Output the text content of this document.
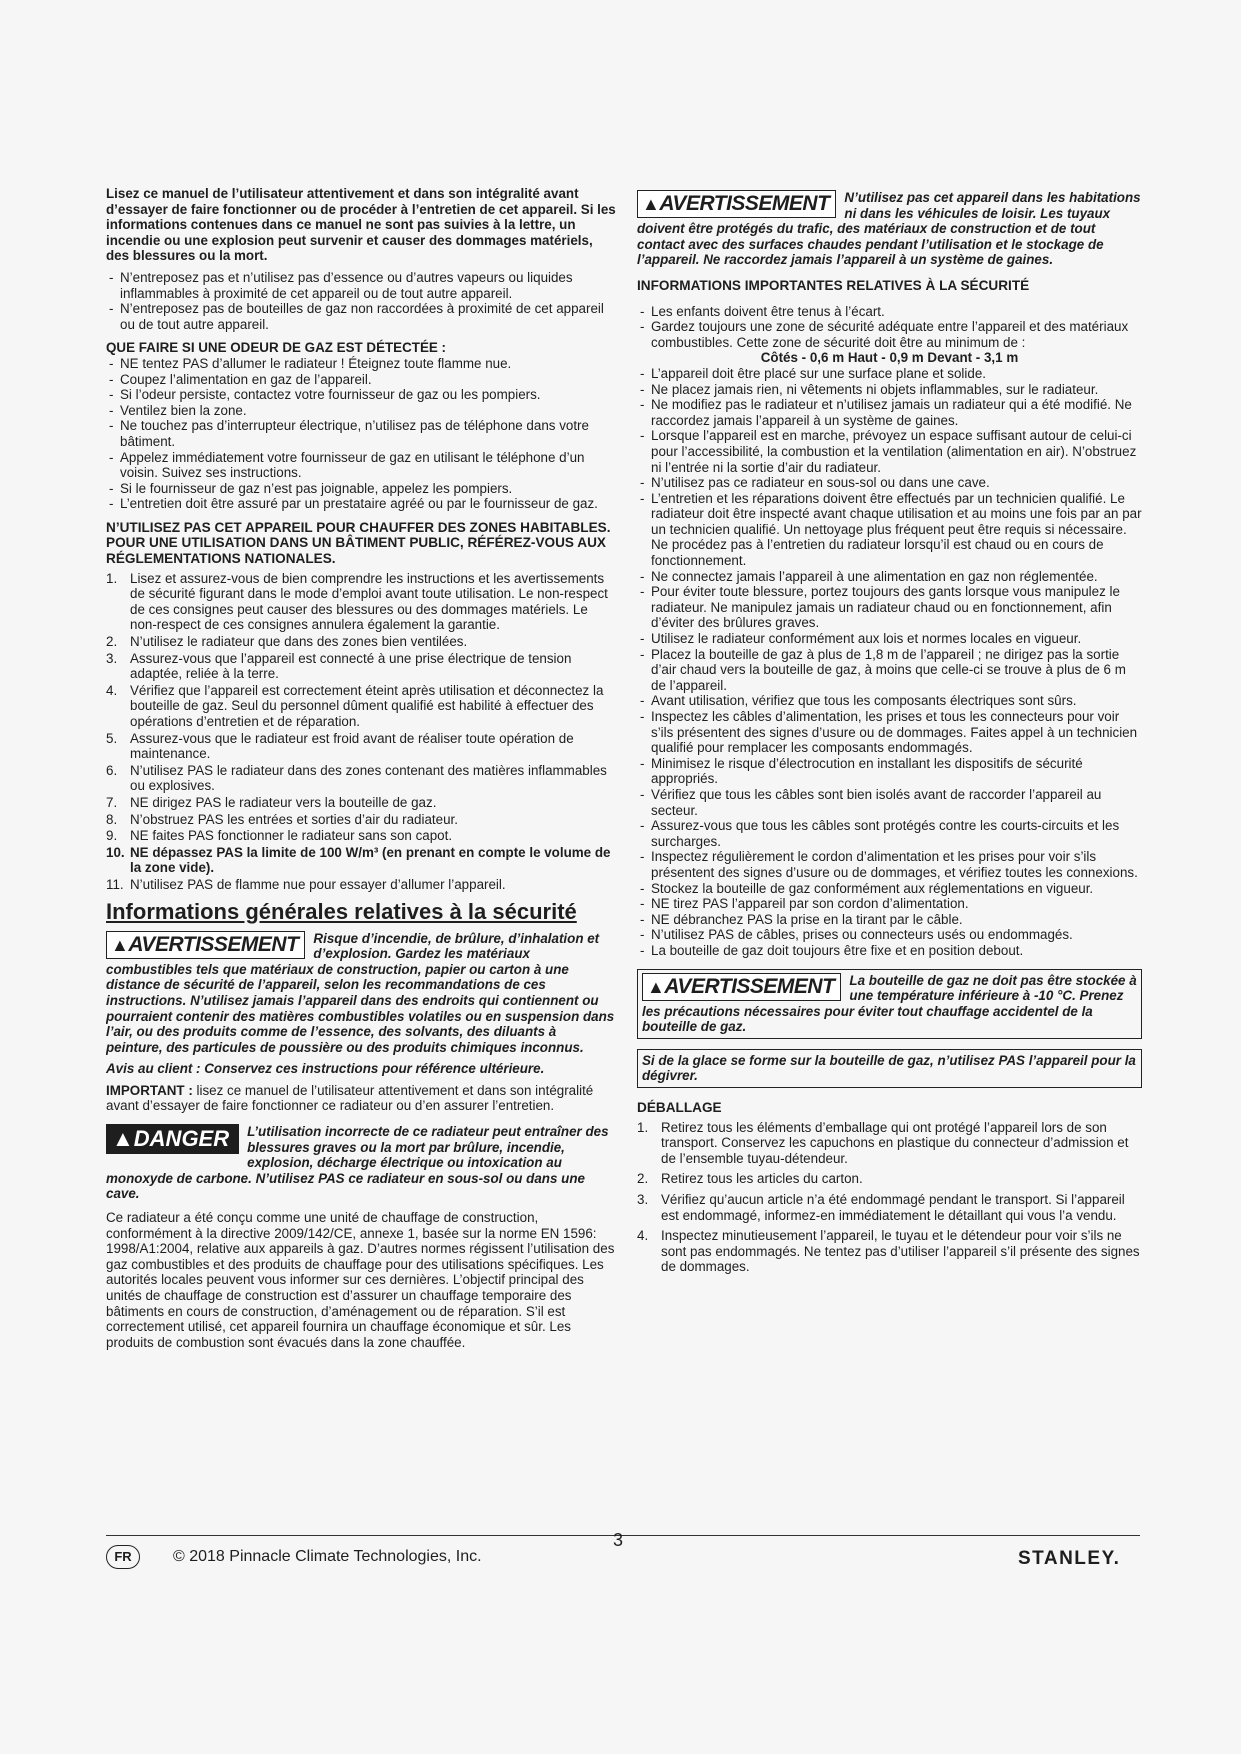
Lisez ce manuel de l’utilisateur attentivement et dans son intégralité avant d’essayer de faire fonctionner ou de procéder à l’entretien de cet appareil. Si les informations contenues dans ce manuel ne sont pas suivies à la lettre, un incendie ou une explosion peut survenir et causer des dommages matériels, des blessures ou la mort.

- N’entreposez pas et n’utilisez pas d’essence ou d’autres vapeurs ou liquides inflammables à proximité de cet appareil ou de tout autre appareil.
- N’entreposez pas de bouteilles de gaz non raccordées à proximité de cet appareil ou de tout autre appareil.
QUE FAIRE SI UNE ODEUR DE GAZ EST DÉTECTÉE :
- NE tentez PAS d’allumer le radiateur ! Éteignez toute flamme nue.
- Coupez l’alimentation en gaz de l’appareil.
- Si l’odeur persiste, contactez votre fournisseur de gaz ou les pompiers.
- Ventilez bien la zone.
- Ne touchez pas d’interrupteur électrique, n’utilisez pas de téléphone dans votre bâtiment.
- Appelez immédiatement votre fournisseur de gaz en utilisant le téléphone d’un voisin. Suivez ses instructions.
- Si le fournisseur de gaz n’est pas joignable, appelez les pompiers.
- L’entretien doit être assuré par un prestataire agréé ou par le fournisseur de gaz.
N’UTILISEZ PAS CET APPAREIL POUR CHAUFFER DES ZONES HABITABLES. POUR UNE UTILISATION DANS UN BÂTIMENT PUBLIC, RÉFÉREZ-VOUS AUX RÉGLEMENTATIONS NATIONALES.
1. Lisez et assurez-vous de bien comprendre les instructions et les avertissements de sécurité figurant dans le mode d’emploi avant toute utilisation. Le non-respect de ces consignes peut causer des blessures ou des dommages matériels. Le non-respect de ces consignes annulera également la garantie.
2. N’utilisez le radiateur que dans des zones bien ventilées.
3. Assurez-vous que l’appareil est connecté à une prise électrique de tension adaptée, reliée à la terre.
4. Vérifiez que l’appareil est correctement éteint après utilisation et déconnectez la bouteille de gaz. Seul du personnel dûment qualifié est habilité à effectuer des opérations d’entretien et de réparation.
5. Assurez-vous que le radiateur est froid avant de réaliser toute opération de maintenance.
6. N’utilisez PAS le radiateur dans des zones contenant des matières inflammables ou explosives.
7. NE dirigez PAS le radiateur vers la bouteille de gaz.
8. N’obstruez PAS les entrées et sorties d’air du radiateur.
9. NE faites PAS fonctionner le radiateur sans son capot.
10. NE dépassez PAS la limite de 100 W/m³ (en prenant en compte le volume de la zone vide).
11. N’utilisez PAS de flamme nue pour essayer d’allumer l’appareil.
Informations générales relatives à la sécurité
▲AVERTISSEMENT	Risque d’incendie, de brûlure, d’inhalation et d’explosion. Gardez les matériaux combustibles tels que matériaux de construction, papier ou carton à une distance de sécurité de l’appareil, selon les recommandations de ces instructions. N’utilisez jamais l’appareil dans des endroits qui contiennent ou pourraient contenir des matières combustibles volatiles ou en suspension dans l’air, ou des produits comme de l’essence, des solvants, des diluants à peinture, des particules de poussière ou des produits chimiques inconnus.

Avis au client : Conservez ces instructions pour référence ultérieure.

IMPORTANT : lisez ce manuel de l’utilisateur attentivement et dans son intégralité avant d’essayer de faire fonctionner ce radiateur ou d’en assurer l’entretien.

▲DANGER	L’utilisation incorrecte de ce radiateur peut entraîner des blessures graves ou la mort par brûlure, incendie, explosion, décharge électrique ou intoxication au monoxyde de carbone. N’utilisez PAS ce radiateur en sous-sol ou dans une cave.

Ce radiateur a été conçu comme une unité de chauffage de construction, conformément à la directive 2009/142/CE, annexe 1, basée sur la norme EN 1596: 1998/A1:2004, relative aux appareils à gaz. D’autres normes régissent l’utilisation des gaz combustibles et des produits de chauffage pour des utilisations spécifiques. Les autorités locales peuvent vous informer sur ces dernières. L’objectif principal des unités de chauffage de construction est d’assurer un chauffage temporaire des bâtiments en cours de construction, d’aménagement ou de réparation. S’il est correctement utilisé, cet appareil fournira un chauffage économique et sûr. Les produits de combustion sont évacués dans la zone chauffée.

▲AVERTISSEMENT	N’utilisez pas cet appareil dans les habitations ni dans les véhicules de loisir. Les tuyaux doivent être protégés du trafic, des matériaux de construction et de tout contact avec des surfaces chaudes pendant l’utilisation et le stockage de l’appareil. Ne raccordez jamais l’appareil à un système de gaines.
INFORMATIONS IMPORTANTES RELATIVES À LA SÉCURITÉ
- Les enfants doivent être tenus à l’écart.
- Gardez toujours une zone de sécurité adéquate entre l’appareil et des matériaux combustibles. Cette zone de sécurité doit être au minimum de :
Côtés - 0,6 m Haut - 0,9 m Devant - 3,1 m
- L’appareil doit être placé sur une surface plane et solide.
- Ne placez jamais rien, ni vêtements ni objets inflammables, sur le radiateur.
- Ne modifiez pas le radiateur et n’utilisez jamais un radiateur qui a été modifié. Ne raccordez jamais l’appareil à un système de gaines.
- Lorsque l’appareil est en marche, prévoyez un espace suffisant autour de celui-ci pour l’accessibilité, la combustion et la ventilation (alimentation en air). N’obstruez ni l’entrée ni la sortie d’air du radiateur.
- N’utilisez pas ce radiateur en sous-sol ou dans une cave.
- L’entretien et les réparations doivent être effectués par un technicien qualifié. Le radiateur doit être inspecté avant chaque utilisation et au moins une fois par an par un technicien qualifié. Un nettoyage plus fréquent peut être requis si nécessaire. Ne procédez pas à l’entretien du radiateur lorsqu’il est chaud ou en cours de fonctionnement.
- Ne connectez jamais l’appareil à une alimentation en gaz non réglementée.
- Pour éviter toute blessure, portez toujours des gants lorsque vous manipulez le radiateur. Ne manipulez jamais un radiateur chaud ou en fonctionnement, afin d’éviter des brûlures graves.
- Utilisez le radiateur conformément aux lois et normes locales en vigueur.
- Placez la bouteille de gaz à plus de 1,8 m de l’appareil ; ne dirigez pas la sortie d’air chaud vers la bouteille de gaz, à moins que celle-ci se trouve à plus de 6 m de l’appareil.
- Avant utilisation, vérifiez que tous les composants électriques sont sûrs.
- Inspectez les câbles d’alimentation, les prises et tous les connecteurs pour voir s’ils présentent des signes d’usure ou de dommages. Faites appel à un technicien qualifié pour remplacer les composants endommagés.
- Minimisez le risque d’électrocution en installant les dispositifs de sécurité appropriés.
- Vérifiez que tous les câbles sont bien isolés avant de raccorder l’appareil au secteur.
- Assurez-vous que tous les câbles sont protégés contre les courts-circuits et les surcharges.
- Inspectez régulièrement le cordon d’alimentation et les prises pour voir s’ils présentent des signes d’usure ou de dommages, et vérifiez toutes les connexions.
- Stockez la bouteille de gaz conformément aux réglementations en vigueur.
- NE tirez PAS l’appareil par son cordon d’alimentation.
- NE débranchez PAS la prise en la tirant par le câble.
- N’utilisez PAS de câbles, prises ou connecteurs usés ou endommagés.
- La bouteille de gaz doit toujours être fixe et en position debout.
▲AVERTISSEMENT	La bouteille de gaz ne doit pas être stockée à une température inférieure à -10 °C. Prenez les précautions nécessaires pour éviter tout chauffage accidentel de la bouteille de gaz.
Si de la glace se forme sur la bouteille de gaz, n’utilisez PAS l’appareil pour la dégivrer.
DÉBALLAGE
1. Retirez tous les éléments d’emballage qui ont protégé l’appareil lors de son transport. Conservez les capuchons en plastique du connecteur d’admission et de l’ensemble tuyau-détendeur.
2. Retirez tous les articles du carton.
3. Vérifiez qu’aucun article n’a été endommagé pendant le transport. Si l’appareil est endommagé, informez-en immédiatement le détaillant qui vous l’a vendu.
4. Inspectez minutieusement l’appareil, le tuyau et le détendeur pour voir s’ils ne sont pas endommagés. Ne tentez pas d’utiliser l’appareil s’il présente des signes de dommages.
FR	© 2018 Pinnacle Climate Technologies, Inc.
3
STANLEY.
